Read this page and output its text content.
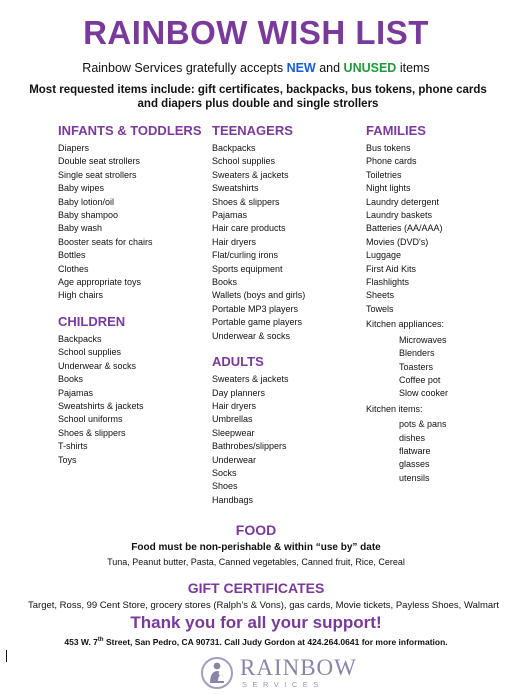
RAINBOW WISH LIST
Rainbow Services gratefully accepts NEW and UNUSED items
Most requested items include: gift certificates, backpacks, bus tokens, phone cards and diapers plus double and single strollers
INFANTS & TODDLERS
Diapers
Double seat strollers
Single seat strollers
Baby wipes
Baby lotion/oil
Baby shampoo
Baby wash
Booster seats for chairs
Bottles
Clothes
Age appropriate toys
High chairs
CHILDREN
Backpacks
School supplies
Underwear & socks
Books
Pajamas
Sweatshirts & jackets
School uniforms
Shoes & slippers
T-shirts
Toys
TEENAGERS
Backpacks
School supplies
Sweaters & jackets
Sweatshirts
Shoes & slippers
Pajamas
Hair care products
Hair dryers
Flat/curling irons
Sports equipment
Books
Wallets (boys and girls)
Portable MP3 players
Portable game players
Underwear & socks
ADULTS
Sweaters & jackets
Day planners
Hair dryers
Umbrellas
Sleepwear
Bathrobes/slippers
Underwear
Socks
Shoes
Handbags
FAMILIES
Bus tokens
Phone cards
Toiletries
Night lights
Laundry detergent
Laundry baskets
Batteries (AA/AAA)
Movies (DVD's)
Luggage
First Aid Kits
Flashlights
Sheets
Towels
Kitchen appliances:
Microwaves
Blenders
Toasters
Coffee pot
Slow cooker
Kitchen items:
pots & pans
dishes
flatware
glasses
utensils
FOOD
Food must be non-perishable & within “use by” date
Tuna, Peanut butter, Pasta, Canned vegetables, Canned fruit, Rice, Cereal
GIFT CERTIFICATES
Target, Ross, 99 Cent Store, grocery stores (Ralph’s & Vons), gas cards, Movie tickets, Payless Shoes, Walmart
Thank you for all your support!
453 W. 7th Street, San Pedro, CA 90731. Call Judy Gordon at 424.264.0641 for more information.
RAINBOW
SERVICES
